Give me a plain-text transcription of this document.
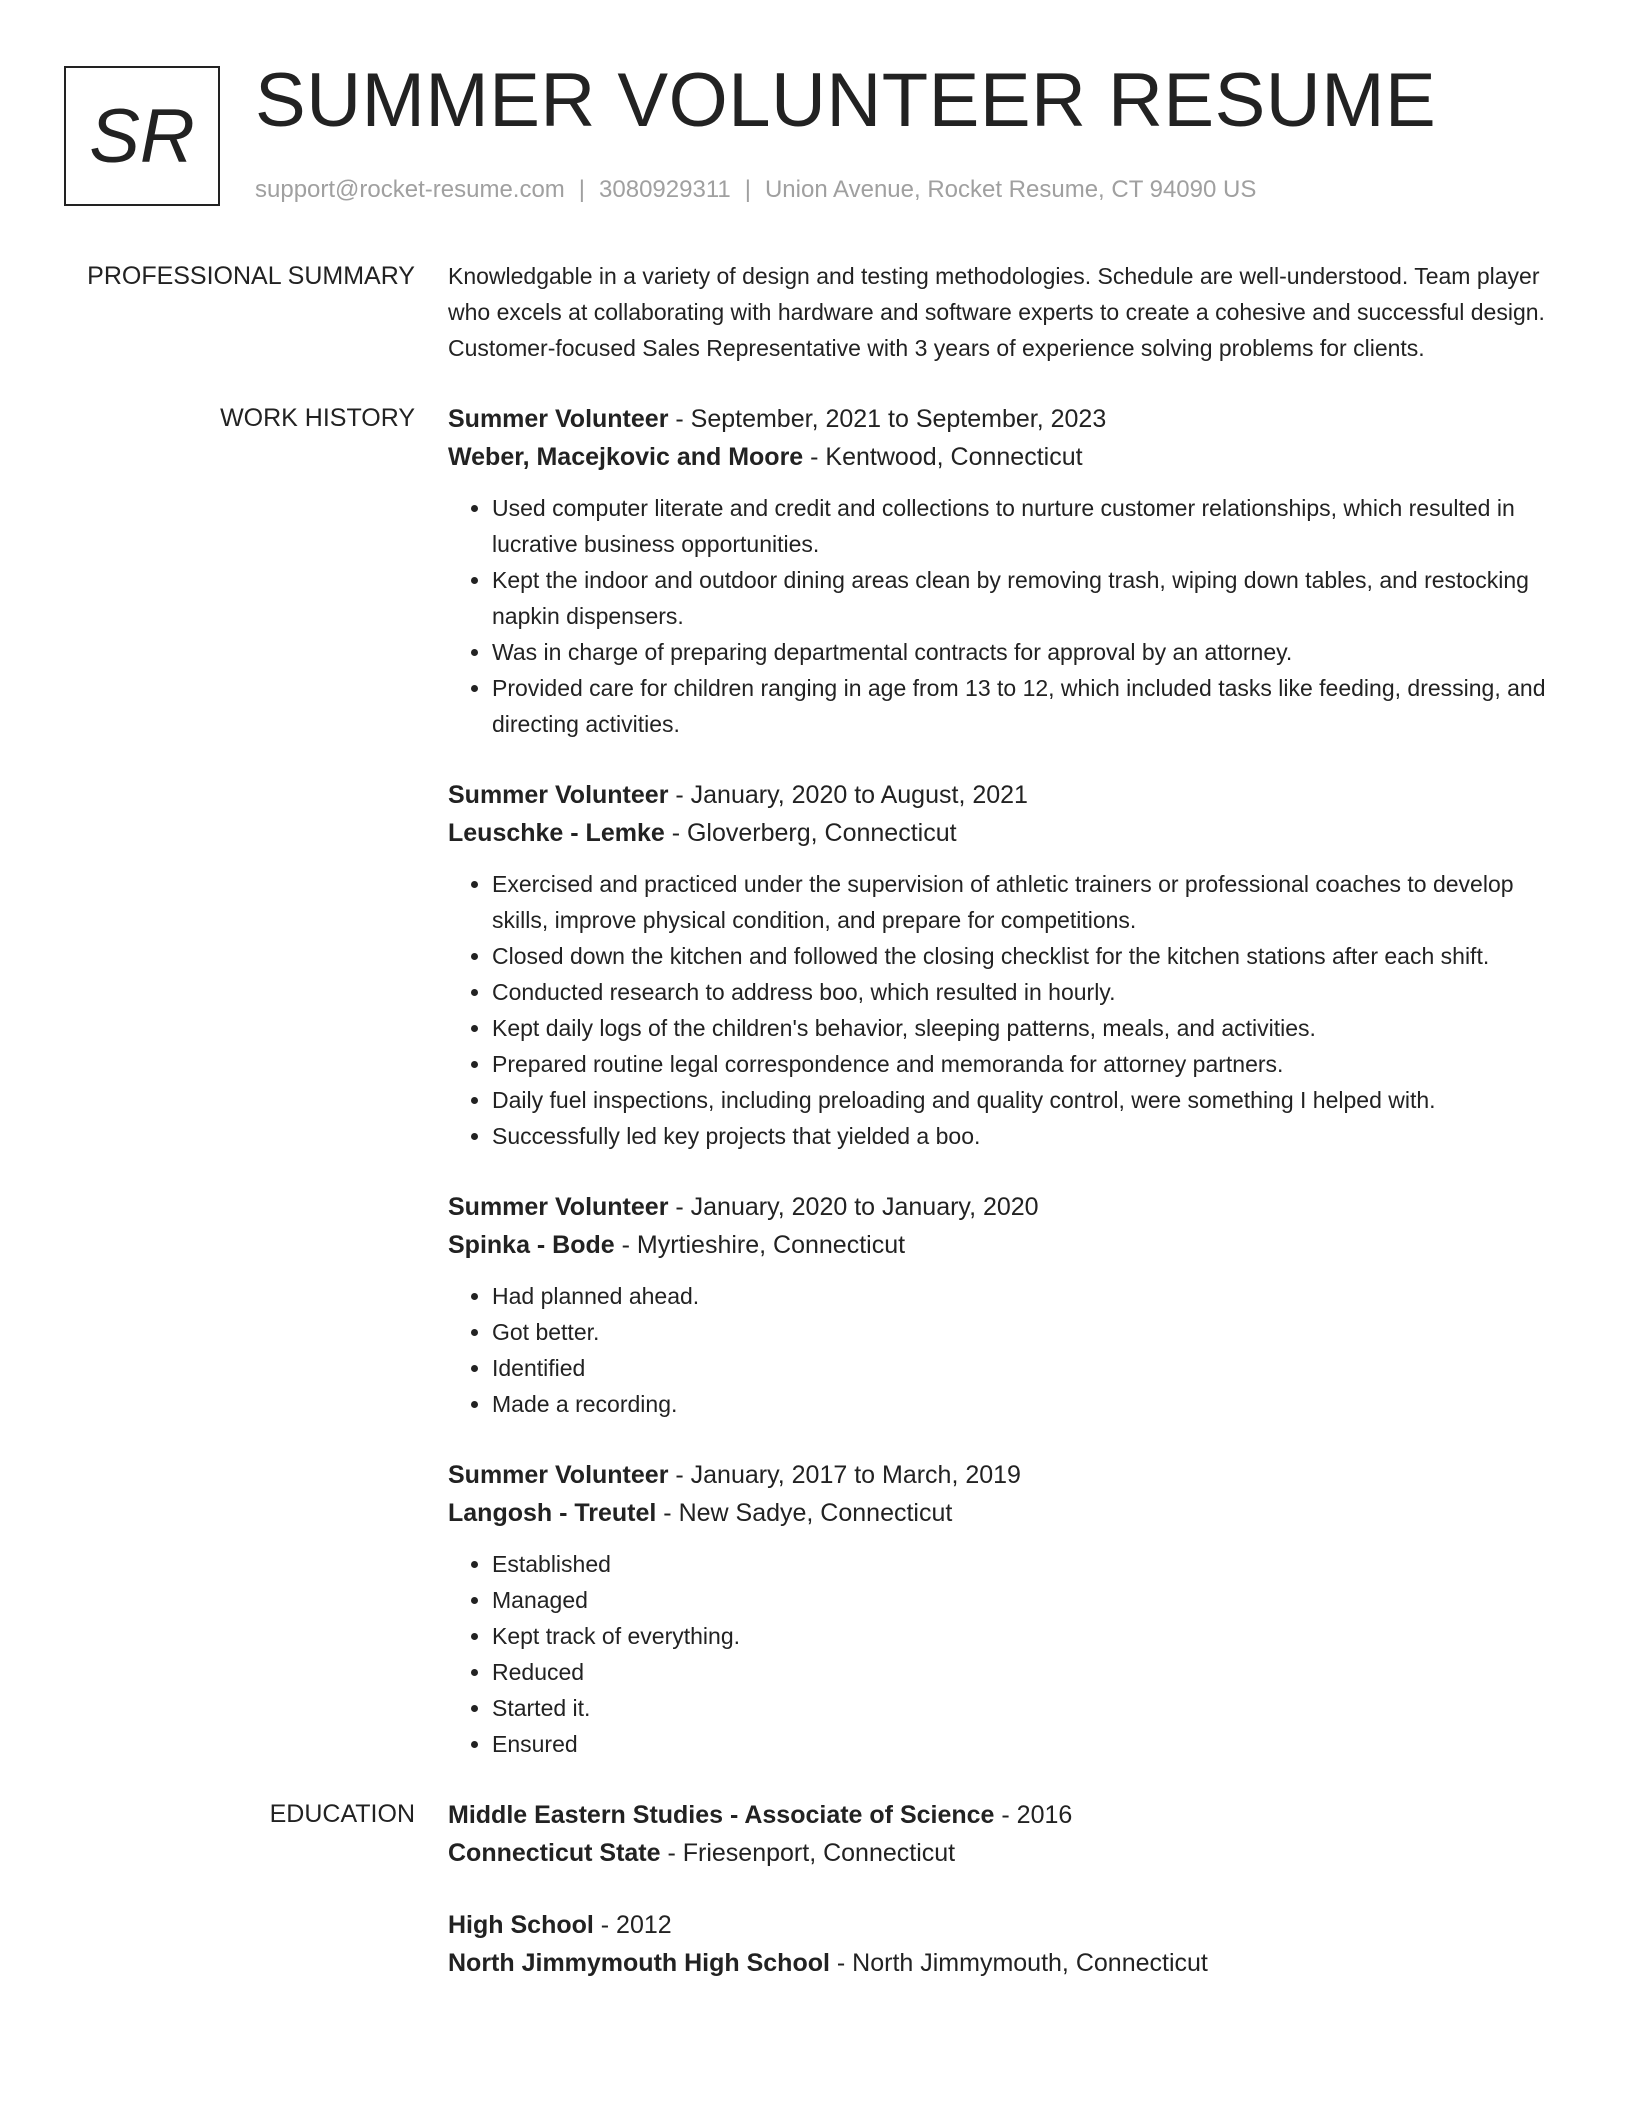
SR SUMMER VOLUNTEER RESUME
support@rocket-resume.com | 3080929311 | Union Avenue, Rocket Resume, CT 94090 US
PROFESSIONAL SUMMARY Knowledgable in a variety of design and testing methodologies. Schedule are well-understood. Team player who excels at collaborating with hardware and software experts to create a cohesive and successful design. Customer-focused Sales Representative with 3 years of experience solving problems for clients.

WORK HISTORY Summer Volunteer - September, 2021 to September, 2023
Weber, Macejkovic and Moore - Kentwood, Connecticut
• Used computer literate and credit and collections to nurture customer relationships, which resulted in lucrative business opportunities.
• Kept the indoor and outdoor dining areas clean by removing trash, wiping down tables, and restocking napkin dispensers.
• Was in charge of preparing departmental contracts for approval by an attorney.
• Provided care for children ranging in age from 13 to 12, which included tasks like feeding, dressing, and directing activities.
Summer Volunteer - January, 2020 to August, 2021
Leuschke - Lemke - Gloverberg, Connecticut
• Exercised and practiced under the supervision of athletic trainers or professional coaches to develop skills, improve physical condition, and prepare for competitions.
• Closed down the kitchen and followed the closing checklist for the kitchen stations after each shift.
• Conducted research to address boo, which resulted in hourly.
• Kept daily logs of the children's behavior, sleeping patterns, meals, and activities.
• Prepared routine legal correspondence and memoranda for attorney partners.
• Daily fuel inspections, including preloading and quality control, were something I helped with.
• Successfully led key projects that yielded a boo.
Summer Volunteer - January, 2020 to January, 2020
Spinka - Bode - Myrtieshire, Connecticut
• Had planned ahead.
• Got better.
• Identified
• Made a recording.
Summer Volunteer - January, 2017 to March, 2019
Langosh - Treutel - New Sadye, Connecticut
• Established
• Managed
• Kept track of everything.
• Reduced
• Started it.
• Ensured
EDUCATION Middle Eastern Studies - Associate of Science - 2016
Connecticut State - Friesenport, Connecticut
High School - 2012
North Jimmymouth High School - North Jimmymouth, Connecticut
